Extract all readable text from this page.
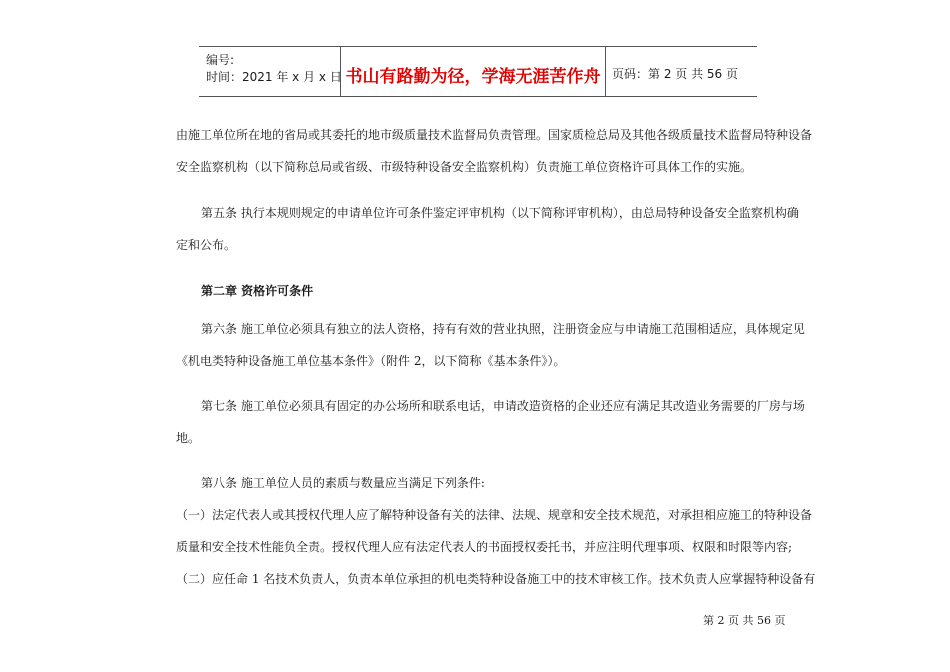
编号:
时间：2021 年 x 月 x 日 书山有路勤为径，学海无涯苦作舟 页码：第 2 页 共 56 页
由施工单位所在地的省局或其委托的地市级质量技术监督局负责管理。国家质检总局及其他各级质量技术监督局特种设备
安全监察机构（以下简称总局或省级、市级特种设备安全监察机构）负责施工单位资格许可具体工作的实施。
第五条 执行本规则规定的申请单位许可条件鉴定评审机构（以下简称评审机构），由总局特种设备安全监察机构确
定和公布。
第二章 资格许可条件
第六条 施工单位必须具有独立的法人资格，持有有效的营业执照，注册资金应与申请施工范围相适应，具体规定见
《机电类特种设备施工单位基本条件》（附件 2，以下简称《基本条件》）。
第七条 施工单位必须具有固定的办公场所和联系电话，申请改造资格的企业还应有满足其改造业务需要的厂房与场
地。
第八条 施工单位人员的素质与数量应当满足下列条件:
（一）法定代表人或其授权代理人应了解特种设备有关的法律、法规、规章和安全技术规范，对承担相应施工的特种设备
质量和安全技术性能负全责。授权代理人应有法定代表人的书面授权委托书，并应注明代理事项、权限和时限等内容;
（二）应任命 1 名技术负责人，负责本单位承担的机电类特种设备施工中的技术审核工作。技术负责人应掌握特种设备有
第 2 页 共 56 页
